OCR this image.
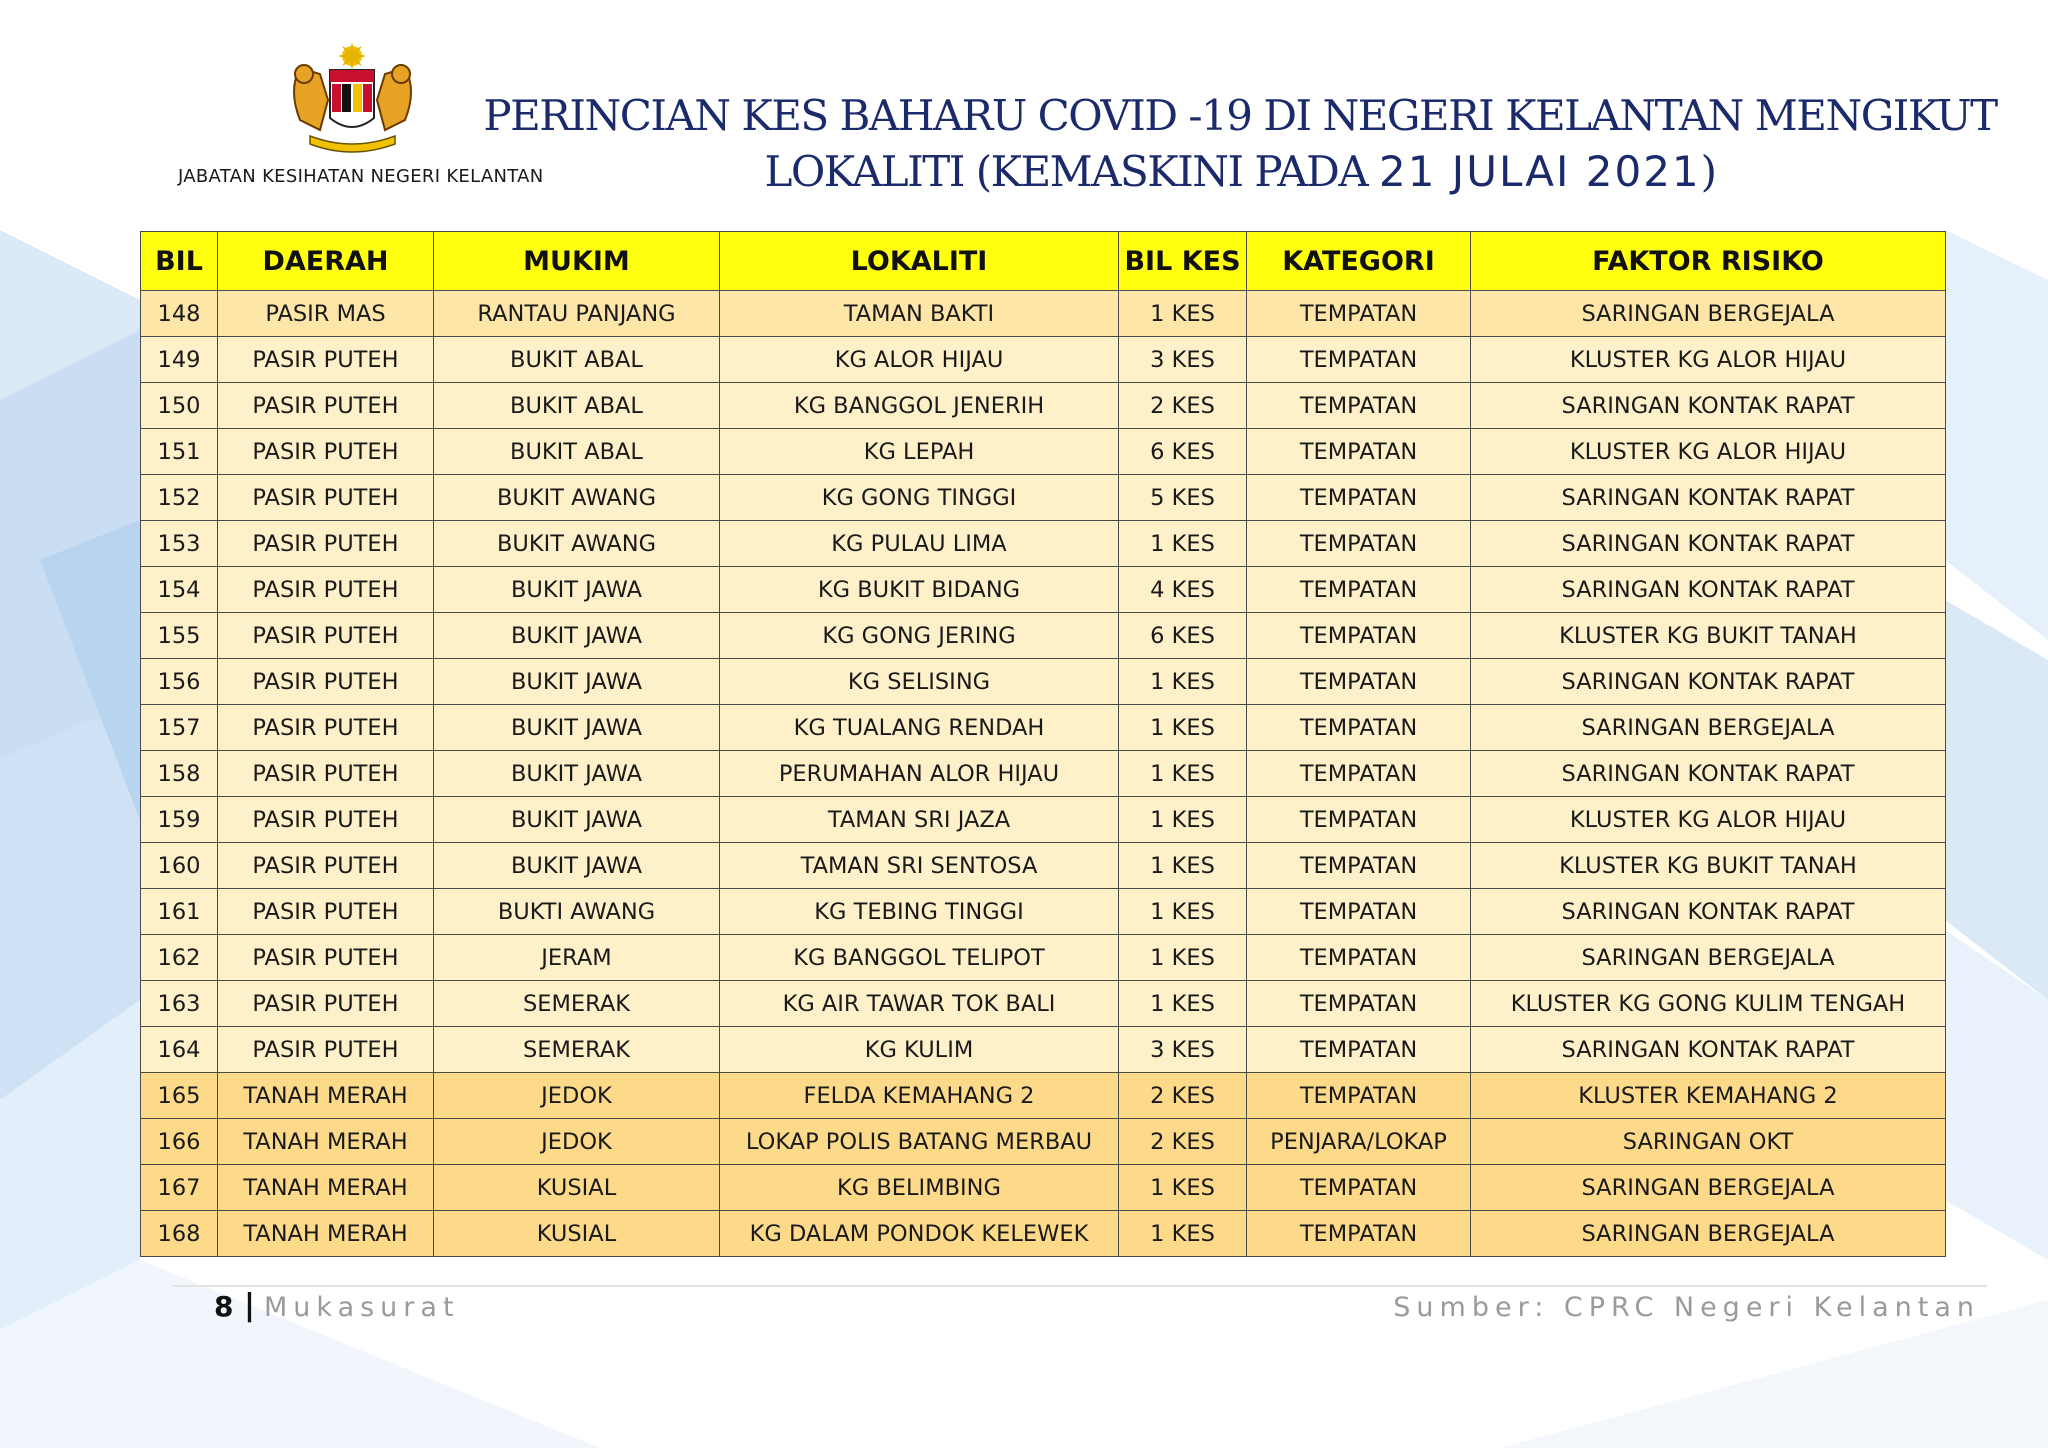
JABATAN KESIHATAN NEGERI KELANTAN
PERINCIAN KES BAHARU COVID -19 DI NEGERI KELANTAN MENGIKUT
LOKALITI (KEMASKINI PADA 21 JULAI 2021)
BIL	DAERAH	MUKIM	LOKALITI	BIL KES	KATEGORI	FAKTOR RISIKO
148	PASIR MAS	RANTAU PANJANG	TAMAN BAKTI	1 KES	TEMPATAN	SARINGAN BERGEJALA
149	PASIR PUTEH	BUKIT ABAL	KG ALOR HIJAU	3 KES	TEMPATAN	KLUSTER KG ALOR HIJAU
150	PASIR PUTEH	BUKIT ABAL	KG BANGGOL JENERIH	2 KES	TEMPATAN	SARINGAN KONTAK RAPAT
151	PASIR PUTEH	BUKIT ABAL	KG LEPAH	6 KES	TEMPATAN	KLUSTER KG ALOR HIJAU
152	PASIR PUTEH	BUKIT AWANG	KG GONG TINGGI	5 KES	TEMPATAN	SARINGAN KONTAK RAPAT
153	PASIR PUTEH	BUKIT AWANG	KG PULAU LIMA	1 KES	TEMPATAN	SARINGAN KONTAK RAPAT
154	PASIR PUTEH	BUKIT JAWA	KG BUKIT BIDANG	4 KES	TEMPATAN	SARINGAN KONTAK RAPAT
155	PASIR PUTEH	BUKIT JAWA	KG GONG JERING	6 KES	TEMPATAN	KLUSTER KG BUKIT TANAH
156	PASIR PUTEH	BUKIT JAWA	KG SELISING	1 KES	TEMPATAN	SARINGAN KONTAK RAPAT
157	PASIR PUTEH	BUKIT JAWA	KG TUALANG RENDAH	1 KES	TEMPATAN	SARINGAN BERGEJALA
158	PASIR PUTEH	BUKIT JAWA	PERUMAHAN ALOR HIJAU	1 KES	TEMPATAN	SARINGAN KONTAK RAPAT
159	PASIR PUTEH	BUKIT JAWA	TAMAN SRI JAZA	1 KES	TEMPATAN	KLUSTER KG ALOR HIJAU
160	PASIR PUTEH	BUKIT JAWA	TAMAN SRI SENTOSA	1 KES	TEMPATAN	KLUSTER KG BUKIT TANAH
161	PASIR PUTEH	BUKTI AWANG	KG TEBING TINGGI	1 KES	TEMPATAN	SARINGAN KONTAK RAPAT
162	PASIR PUTEH	JERAM	KG BANGGOL TELIPOT	1 KES	TEMPATAN	SARINGAN BERGEJALA
163	PASIR PUTEH	SEMERAK	KG AIR TAWAR TOK BALI	1 KES	TEMPATAN	KLUSTER KG GONG KULIM TENGAH
164	PASIR PUTEH	SEMERAK	KG KULIM	3 KES	TEMPATAN	SARINGAN KONTAK RAPAT
165	TANAH MERAH	JEDOK	FELDA KEMAHANG 2	2 KES	TEMPATAN	KLUSTER KEMAHANG 2
166	TANAH MERAH	JEDOK	LOKAP POLIS BATANG MERBAU	2 KES	PENJARA/LOKAP	SARINGAN OKT
167	TANAH MERAH	KUSIAL	KG BELIMBING	1 KES	TEMPATAN	SARINGAN BERGEJALA
168	TANAH MERAH	KUSIAL	KG DALAM PONDOK KELEWEK	1 KES	TEMPATAN	SARINGAN BERGEJALA
8 | Mukasurat	Sumber: CPRC Negeri Kelantan
